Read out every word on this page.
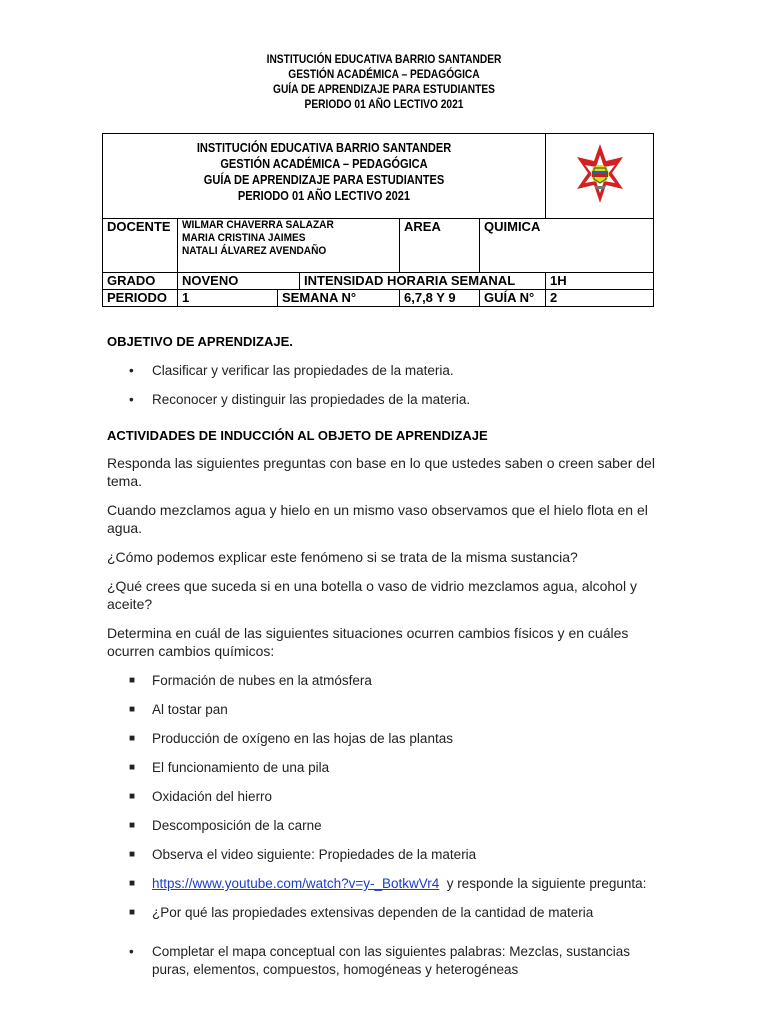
INSTITUCIÓN EDUCATIVA BARRIO SANTANDER
GESTIÓN ACADÉMICA – PEDAGÓGICA
GUÍA DE APRENDIZAJE PARA ESTUDIANTES
PERIODO 01 AÑO LECTIVO 2021
INSTITUCIÓN EDUCATIVA BARRIO SANTANDER
GESTIÓN ACADÉMICA – PEDAGÓGICA
GUÍA DE APRENDIZAJE PARA ESTUDIANTES
PERIODO 01 AÑO LECTIVO 2021

DOCENTE	WILMAR CHAVERRA SALAZAR
MARIA CRISTINA JAIMES
NATALI ÁLVAREZ AVENDAÑO			AREA	QUIMICA	
GRADO	NOVENO		INTENSIDAD HORARIA SEMANAL			1H
PERIODO	1	SEMANA N°		6,7,8 Y 9	GUÍA N°	2

OBJETIVO DE APRENDIZAJE.

• Clasificar y verificar las propiedades de la materia.
• Reconocer y distinguir las propiedades de la materia.

ACTIVIDADES DE INDUCCIÓN AL OBJETO DE APRENDIZAJE

Responda las siguientes preguntas con base en lo que ustedes saben o creen saber del tema.

Cuando mezclamos agua y hielo en un mismo vaso observamos que el hielo flota en el agua.

¿Cómo podemos explicar este fenómeno si se trata de la misma sustancia?

¿Qué crees que suceda si en una botella o vaso de vidrio mezclamos agua, alcohol y aceite?

Determina en cuál de las siguientes situaciones ocurren cambios físicos y en cuáles ocurren cambios químicos:

■ Formación de nubes en la atmósfera
■ Al tostar pan
■ Producción de oxígeno en las hojas de las plantas
■ El funcionamiento de una pila
■ Oxidación del hierro
■ Descomposición de la carne
■ Observa el video siguiente: Propiedades de la materia
■ https://www.youtube.com/watch?v=y-_BotkwVr4  y responde la siguiente pregunta:
■ ¿Por qué las propiedades extensivas dependen de la cantidad de materia
• Completar el mapa conceptual con las siguientes palabras: Mezclas, sustancias puras, elementos, compuestos, homogéneas y heterogéneas
